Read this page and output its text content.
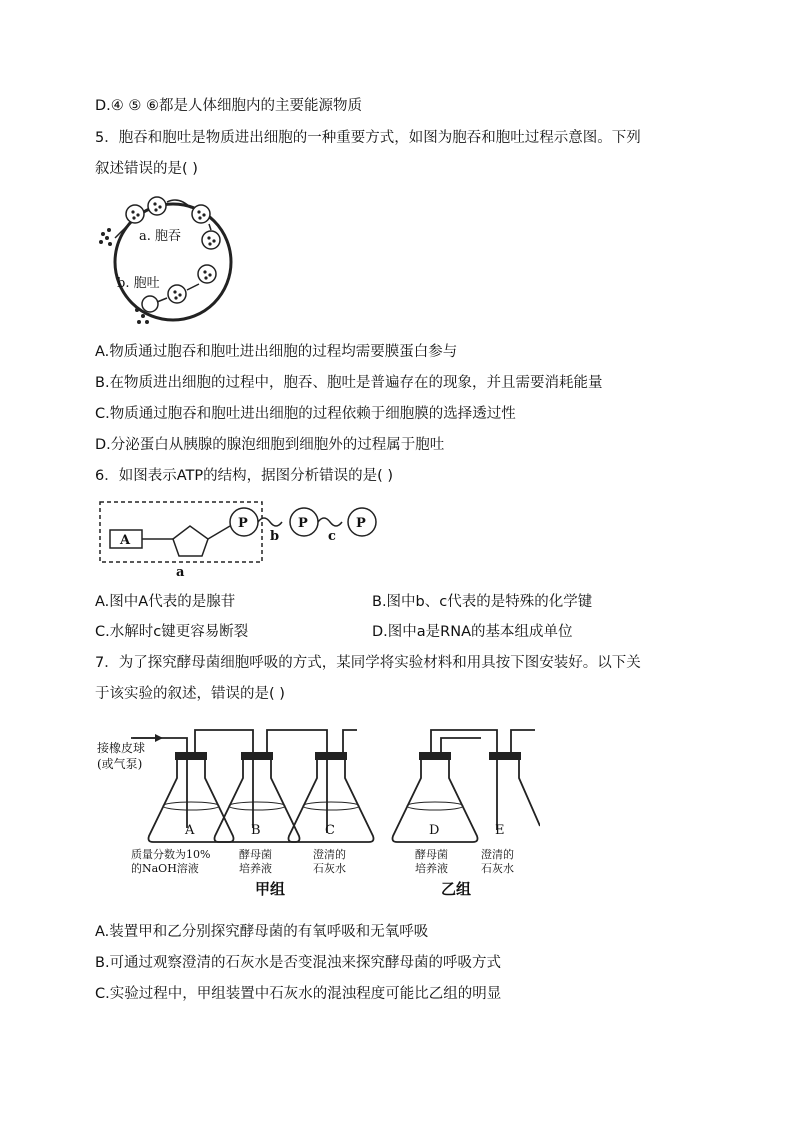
D.④ ⑤ ⑥都是人体细胞内的主要能源物质
5．胞吞和胞吐是物质进出细胞的一种重要方式，如图为胞吞和胞吐过程示意图。下列
叙述错误的是( )
a. 胞吞
b. 胞吐
A.物质通过胞吞和胞吐进出细胞的过程均需要膜蛋白参与
B.在物质进出细胞的过程中，胞吞、胞吐是普遍存在的现象，并且需要消耗能量
C.物质通过胞吞和胞吐进出细胞的过程依赖于细胞膜的选择透过性
D.分泌蛋白从胰腺的腺泡细胞到细胞外的过程属于胞吐
6．如图表示ATP的结构，据图分析错误的是( )
A
P	P	P
b	c
a
A.图中A代表的是腺苷	B.图中b、c代表的是特殊的化学键
C.水解时c键更容易断裂	D.图中a是RNA的基本组成单位
7．为了探究酵母菌细胞呼吸的方式，某同学将实验材料和用具按下图安装好。以下关
于该实验的叙述，错误的是( )
接橡皮球
(或气泵)
A	B	C	D	E
质量分数为10%
的NaOH溶液
酵母菌
培养液
澄清的
石灰水
酵母菌
培养液
澄清的
石灰水
甲组	乙组
A.装置甲和乙分别探究酵母菌的有氧呼吸和无氧呼吸
B.可通过观察澄清的石灰水是否变混浊来探究酵母菌的呼吸方式
C.实验过程中，甲组装置中石灰水的混浊程度可能比乙组的明显
